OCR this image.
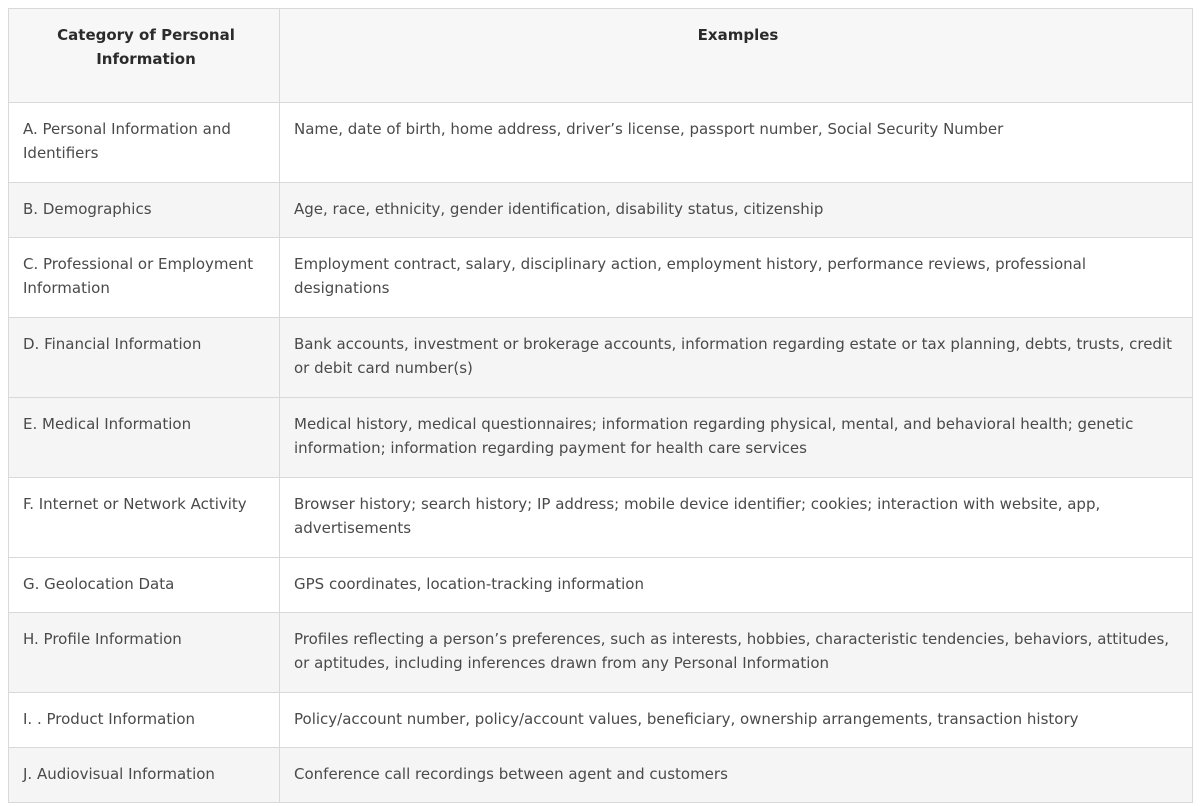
Category of Personal Information	Examples
A. Personal Information and Identifiers	Name, date of birth, home address, driver’s license, passport number, Social Security Number
B. Demographics	Age, race, ethnicity, gender identification, disability status, citizenship
C. Professional or Employment Information	Employment contract, salary, disciplinary action, employment history, performance reviews, professional designations
D. Financial Information	Bank accounts, investment or brokerage accounts, information regarding estate or tax planning, debts, trusts, credit or debit card number(s)
E. Medical Information	Medical history, medical questionnaires; information regarding physical, mental, and behavioral health; genetic information; information regarding payment for health care services
F. Internet or Network Activity	Browser history; search history; IP address; mobile device identifier; cookies; interaction with website, app, advertisements
G. Geolocation Data	GPS coordinates, location-tracking information
H. Profile Information	Profiles reflecting a person’s preferences, such as interests, hobbies, characteristic tendencies, behaviors, attitudes, or aptitudes, including inferences drawn from any Personal Information
I. . Product Information	Policy/account number, policy/account values, beneficiary, ownership arrangements, transaction history
J. Audiovisual Information	Conference call recordings between agent and customers
